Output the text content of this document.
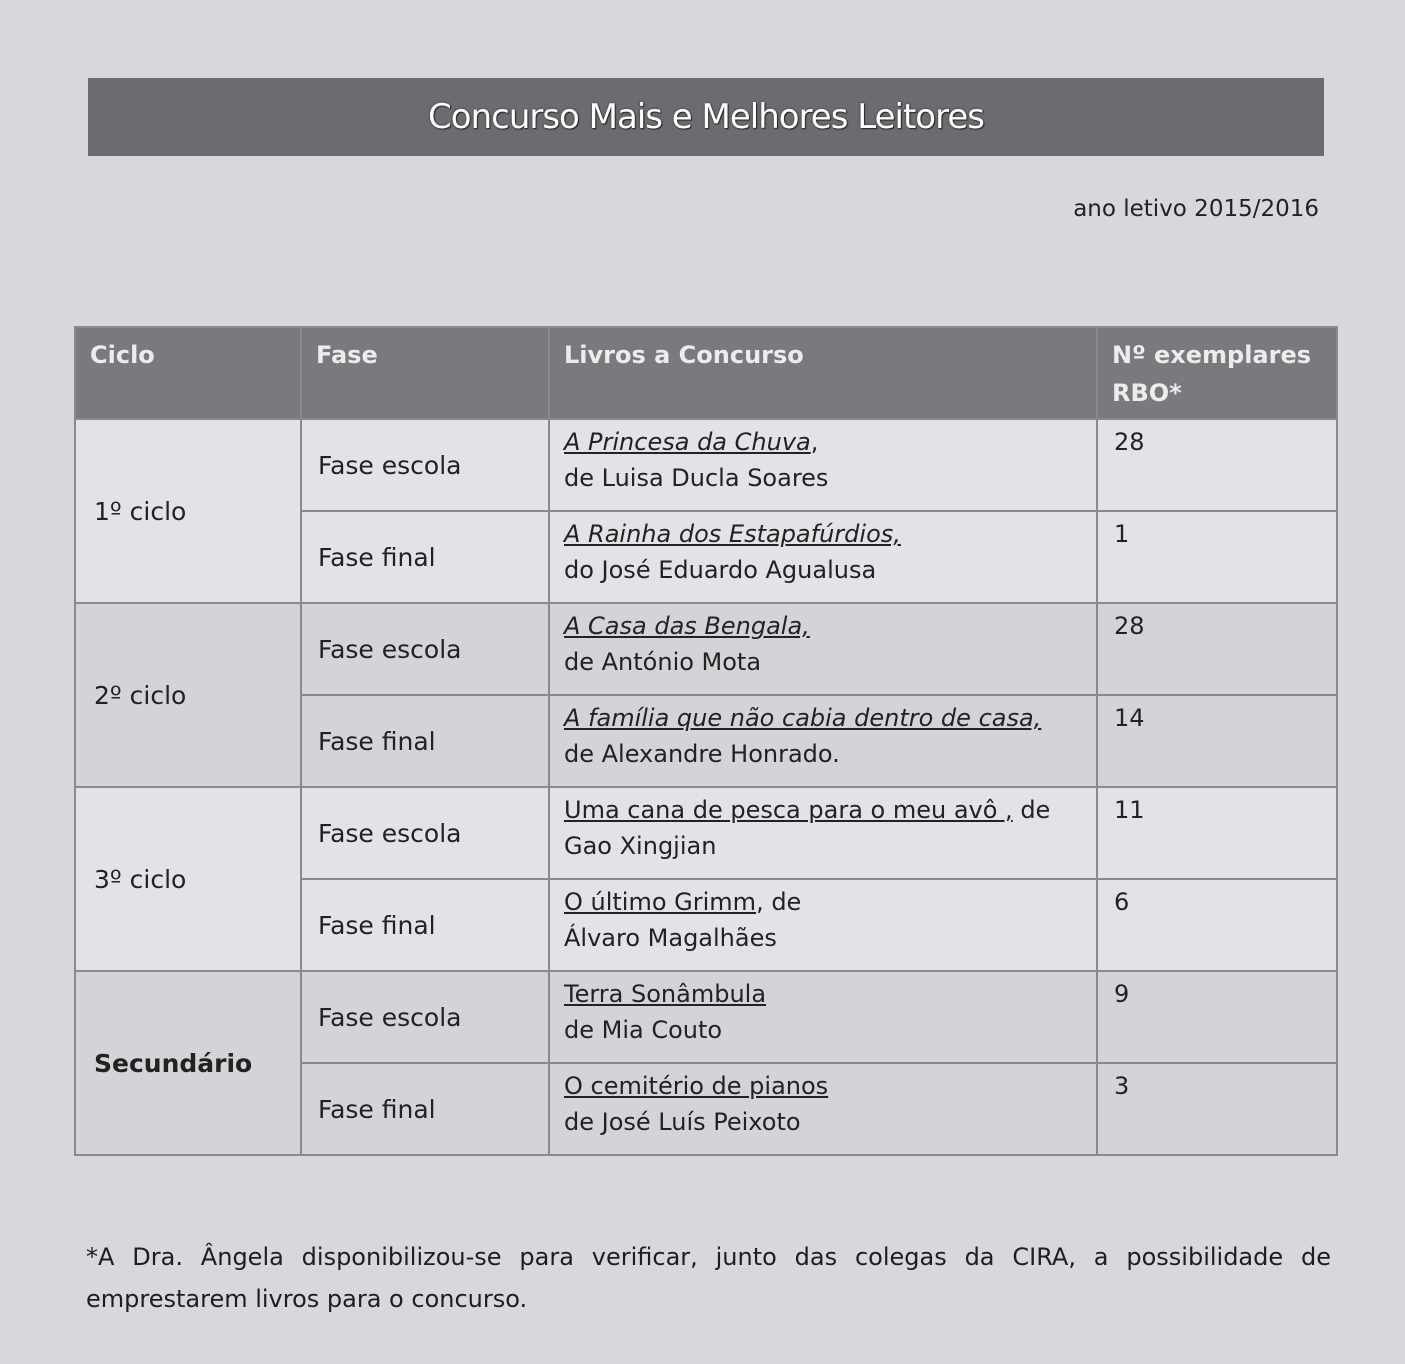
Concurso Mais e Melhores Leitores
ano letivo 2015/2016
Ciclo	Fase	Livros a Concurso	Nº exemplares RBO*
1º ciclo	Fase escola	A Princesa da Chuva,
de Luisa Ducla Soares	28
	Fase final	A Rainha dos Estapafúrdios,
do José Eduardo Agualusa	1
2º ciclo	Fase escola	A Casa das Bengala,
de António Mota	28
	Fase final	A família que não cabia dentro de casa,
de Alexandre Honrado.	14
3º ciclo	Fase escola	Uma cana de pesca para o meu avô , de
Gao Xingjian	11
	Fase final	O último Grimm, de
Álvaro Magalhães	6
Secundário	Fase escola	Terra Sonâmbula
de Mia Couto	9
	Fase final	O cemitério de pianos
de José Luís Peixoto	3
*A Dra. Ângela disponibilizou-se para verificar, junto das colegas da CIRA, a possibilidade de emprestarem livros para o concurso.
